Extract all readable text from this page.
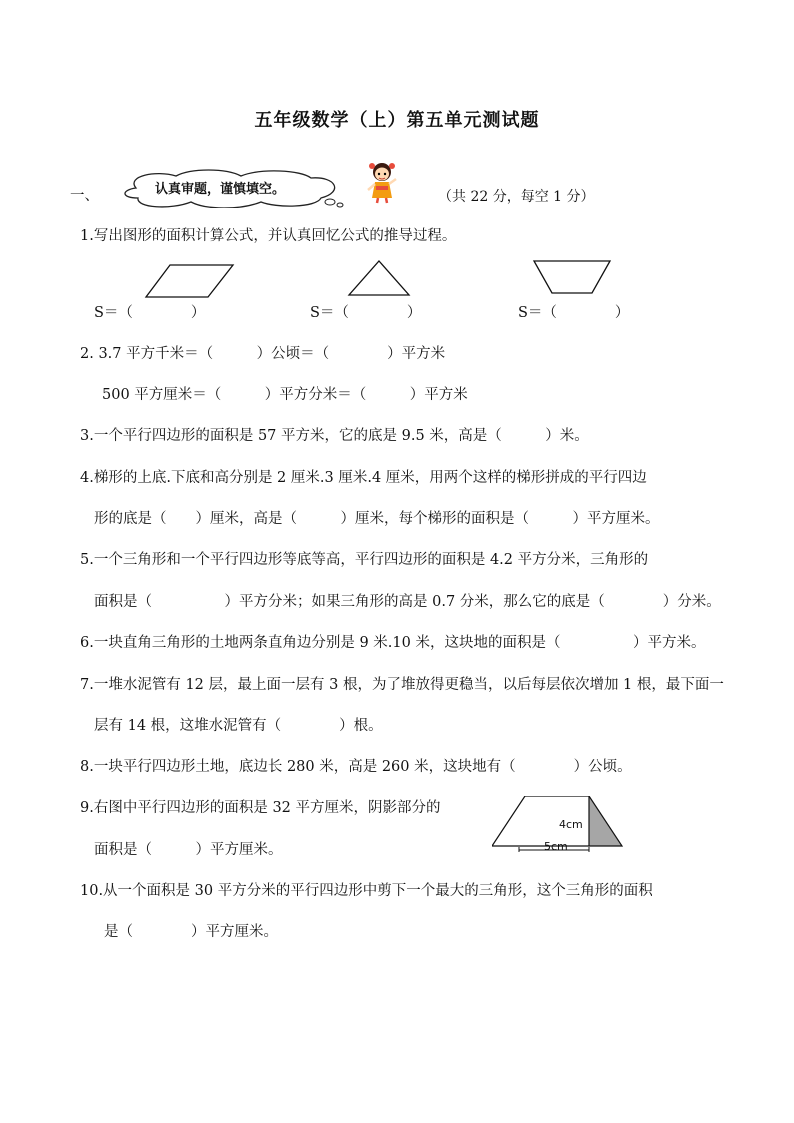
五年级数学（上）第五单元测试题
一、	认真审题，谨慎填空。	（共 22 分，每空 1 分）
1.写出图形的面积计算公式，并认真回忆公式的推导过程。
S＝（　　　　）	S＝（　　　　）	S＝（　　　　）
2. 3.7 平方千米＝（　　　）公顷＝（　　　　）平方米
500 平方厘米＝（　　　）平方分米＝（　　　）平方米
3.一个平行四边形的面积是 57 平方米，它的底是 9.5 米，高是（　　　）米。
4.梯形的上底.下底和高分别是 2 厘米.3 厘米.4 厘米，用两个这样的梯形拼成的平行四边
形的底是（　　）厘米，高是（　　　）厘米，每个梯形的面积是（　　　）平方厘米。
5.一个三角形和一个平行四边形等底等高，平行四边形的面积是 4.2 平方分米，三角形的
面积是（　　　　　）平方分米；如果三角形的高是 0.7 分米，那么它的底是（　　　　）分米。
6.一块直角三角形的土地两条直角边分别是 9 米.10 米，这块地的面积是（　　　　　）平方米。
7.一堆水泥管有 12 层，最上面一层有 3 根，为了堆放得更稳当，以后每层依次增加 1 根，最下面一
层有 14 根，这堆水泥管有（　　　　）根。
8.一块平行四边形土地，底边长 280 米，高是 260 米，这块地有（　　　　）公顷。
9.右图中平行四边形的面积是 32 平方厘米，阴影部分的
面积是（　　　）平方厘米。
4cm
5cm
10.从一个面积是 30 平方分米的平行四边形中剪下一个最大的三角形，这个三角形的面积
是（　　　　）平方厘米。
